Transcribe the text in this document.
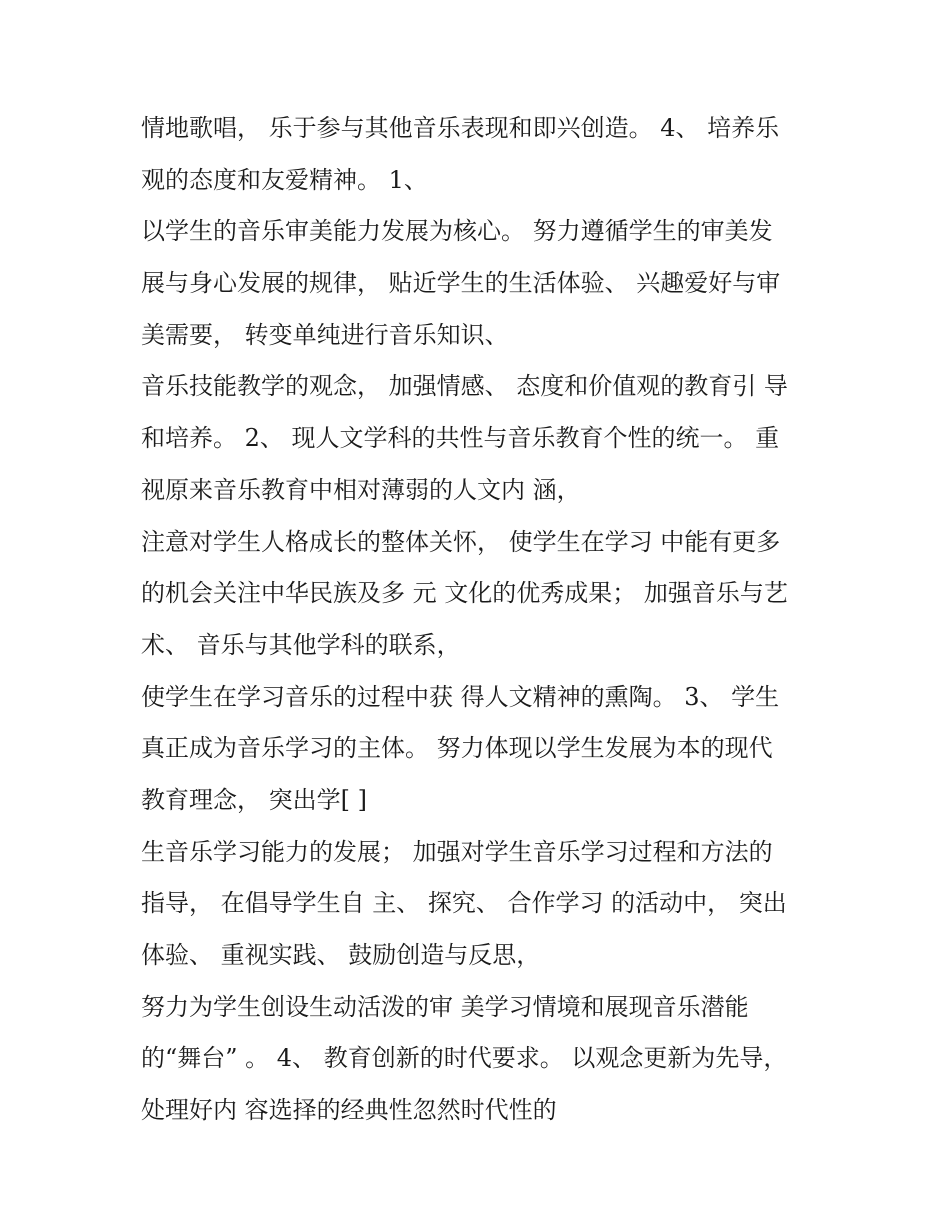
情地歌唱， 乐于参与其他音乐表现和即兴创造。 4、 培养乐
观的态度和友爱精神。 1、
以学生的音乐审美能力发展为核心。 努力遵循学生的审美发
展与身心发展的规律， 贴近学生的生活体验、 兴趣爱好与审
美需要， 转变单纯进行音乐知识、
音乐技能教学的观念， 加强情感、 态度和价值观的教育引 导
和培养。 2、 现人文学科的共性与音乐教育个性的统一。 重
视原来音乐教育中相对薄弱的人文内 涵，
注意对学生人格成长的整体关怀， 使学生在学习 中能有更多
的机会关注中华民族及多 元 文化的优秀成果； 加强音乐与艺
术、 音乐与其他学科的联系，
使学生在学习音乐的过程中获 得人文精神的熏陶。 3、 学生
真正成为音乐学习的主体。 努力体现以学生发展为本的现代
教育理念， 突出学[ ]
生音乐学习能力的发展； 加强对学生音乐学习过程和方法的
指导， 在倡导学生自 主、 探究、 合作学习 的活动中， 突出
体验、 重视实践、 鼓励创造与反思，
努力为学生创设生动活泼的审 美学习情境和展现音乐潜能
的“舞台” 。 4、 教育创新的时代要求。 以观念更新为先导，
处理好内 容选择的经典性忽然时代性的
